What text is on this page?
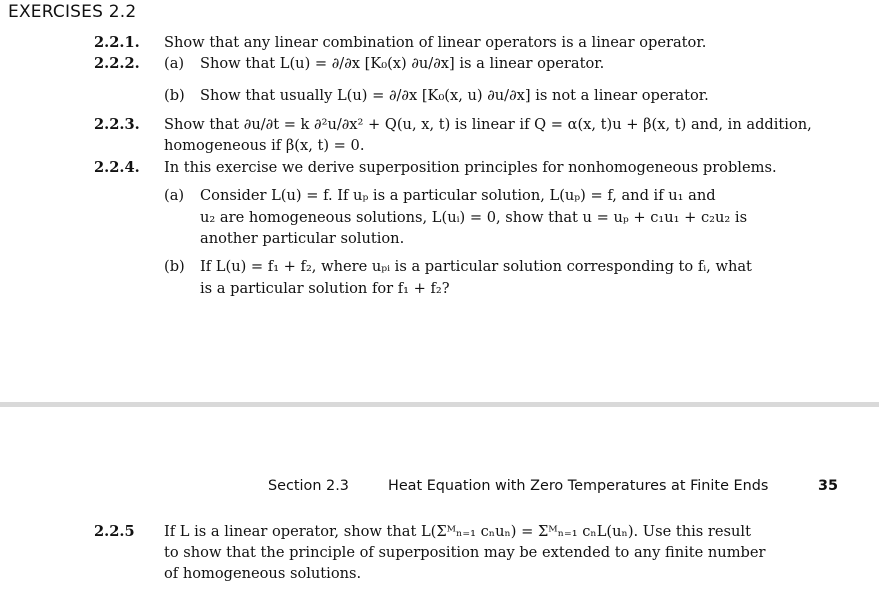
EXERCISES 2.2
2.2.1. Show that any linear combination of linear operators is a linear operator.
2.2.2. (a) Show that L(u) = ∂/∂x [K₀(x) ∂u/∂x] is a linear operator.
(b) Show that usually L(u) = ∂/∂x [K₀(x, u) ∂u/∂x] is not a linear operator.
2.2.3. Show that ∂u/∂t = k ∂²u/∂x² + Q(u, x, t) is linear if Q = α(x, t)u + β(x, t) and, in addition,
homogeneous if β(x, t) = 0.
2.2.4. In this exercise we derive superposition principles for nonhomogeneous problems.
(a) Consider L(u) = f. If uₚ is a particular solution, L(uₚ) = f, and if u₁ and
u₂ are homogeneous solutions, L(uᵢ) = 0, show that u = uₚ + c₁u₁ + c₂u₂ is
another particular solution.
(b) If L(u) = f₁ + f₂, where uₚᵢ is a particular solution corresponding to fᵢ, what
is a particular solution for f₁ + f₂?
Section 2.3	Heat Equation with Zero Temperatures at Finite Ends	35
2.2.5 If L is a linear operator, show that L(Σᴹₙ₌₁ cₙuₙ) = Σᴹₙ₌₁ cₙL(uₙ). Use this result
to show that the principle of superposition may be extended to any finite number
of homogeneous solutions.
